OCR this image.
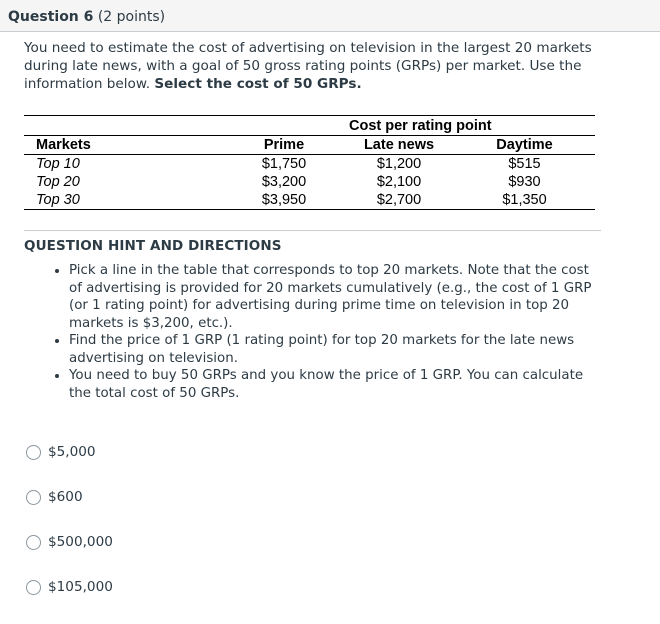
Question 6 (2 points)
You need to estimate the cost of advertising on television in the largest 20 markets during late news, with a goal of 50 gross rating points (GRPs) per market. Use the information below. Select the cost of 50 GRPs.
		Cost per rating point	
Markets	Prime	Late news	Daytime
Top 10	$1,750	$1,200	$515
Top 20	$3,200	$2,100	$930
Top 30	$3,950	$2,700	$1,350
QUESTION HINT AND DIRECTIONS
• Pick a line in the table that corresponds to top 20 markets. Note that the cost of advertising is provided for 20 markets cumulatively (e.g., the cost of 1 GRP (or 1 rating point) for advertising during prime time on television in top 20 markets is $3,200, etc.).
• Find the price of 1 GRP (1 rating point) for top 20 markets for the late news advertising on television.
• You need to buy 50 GRPs and you know the price of 1 GRP. You can calculate the total cost of 50 GRPs.
$5,000
$600
$500,000
$105,000
